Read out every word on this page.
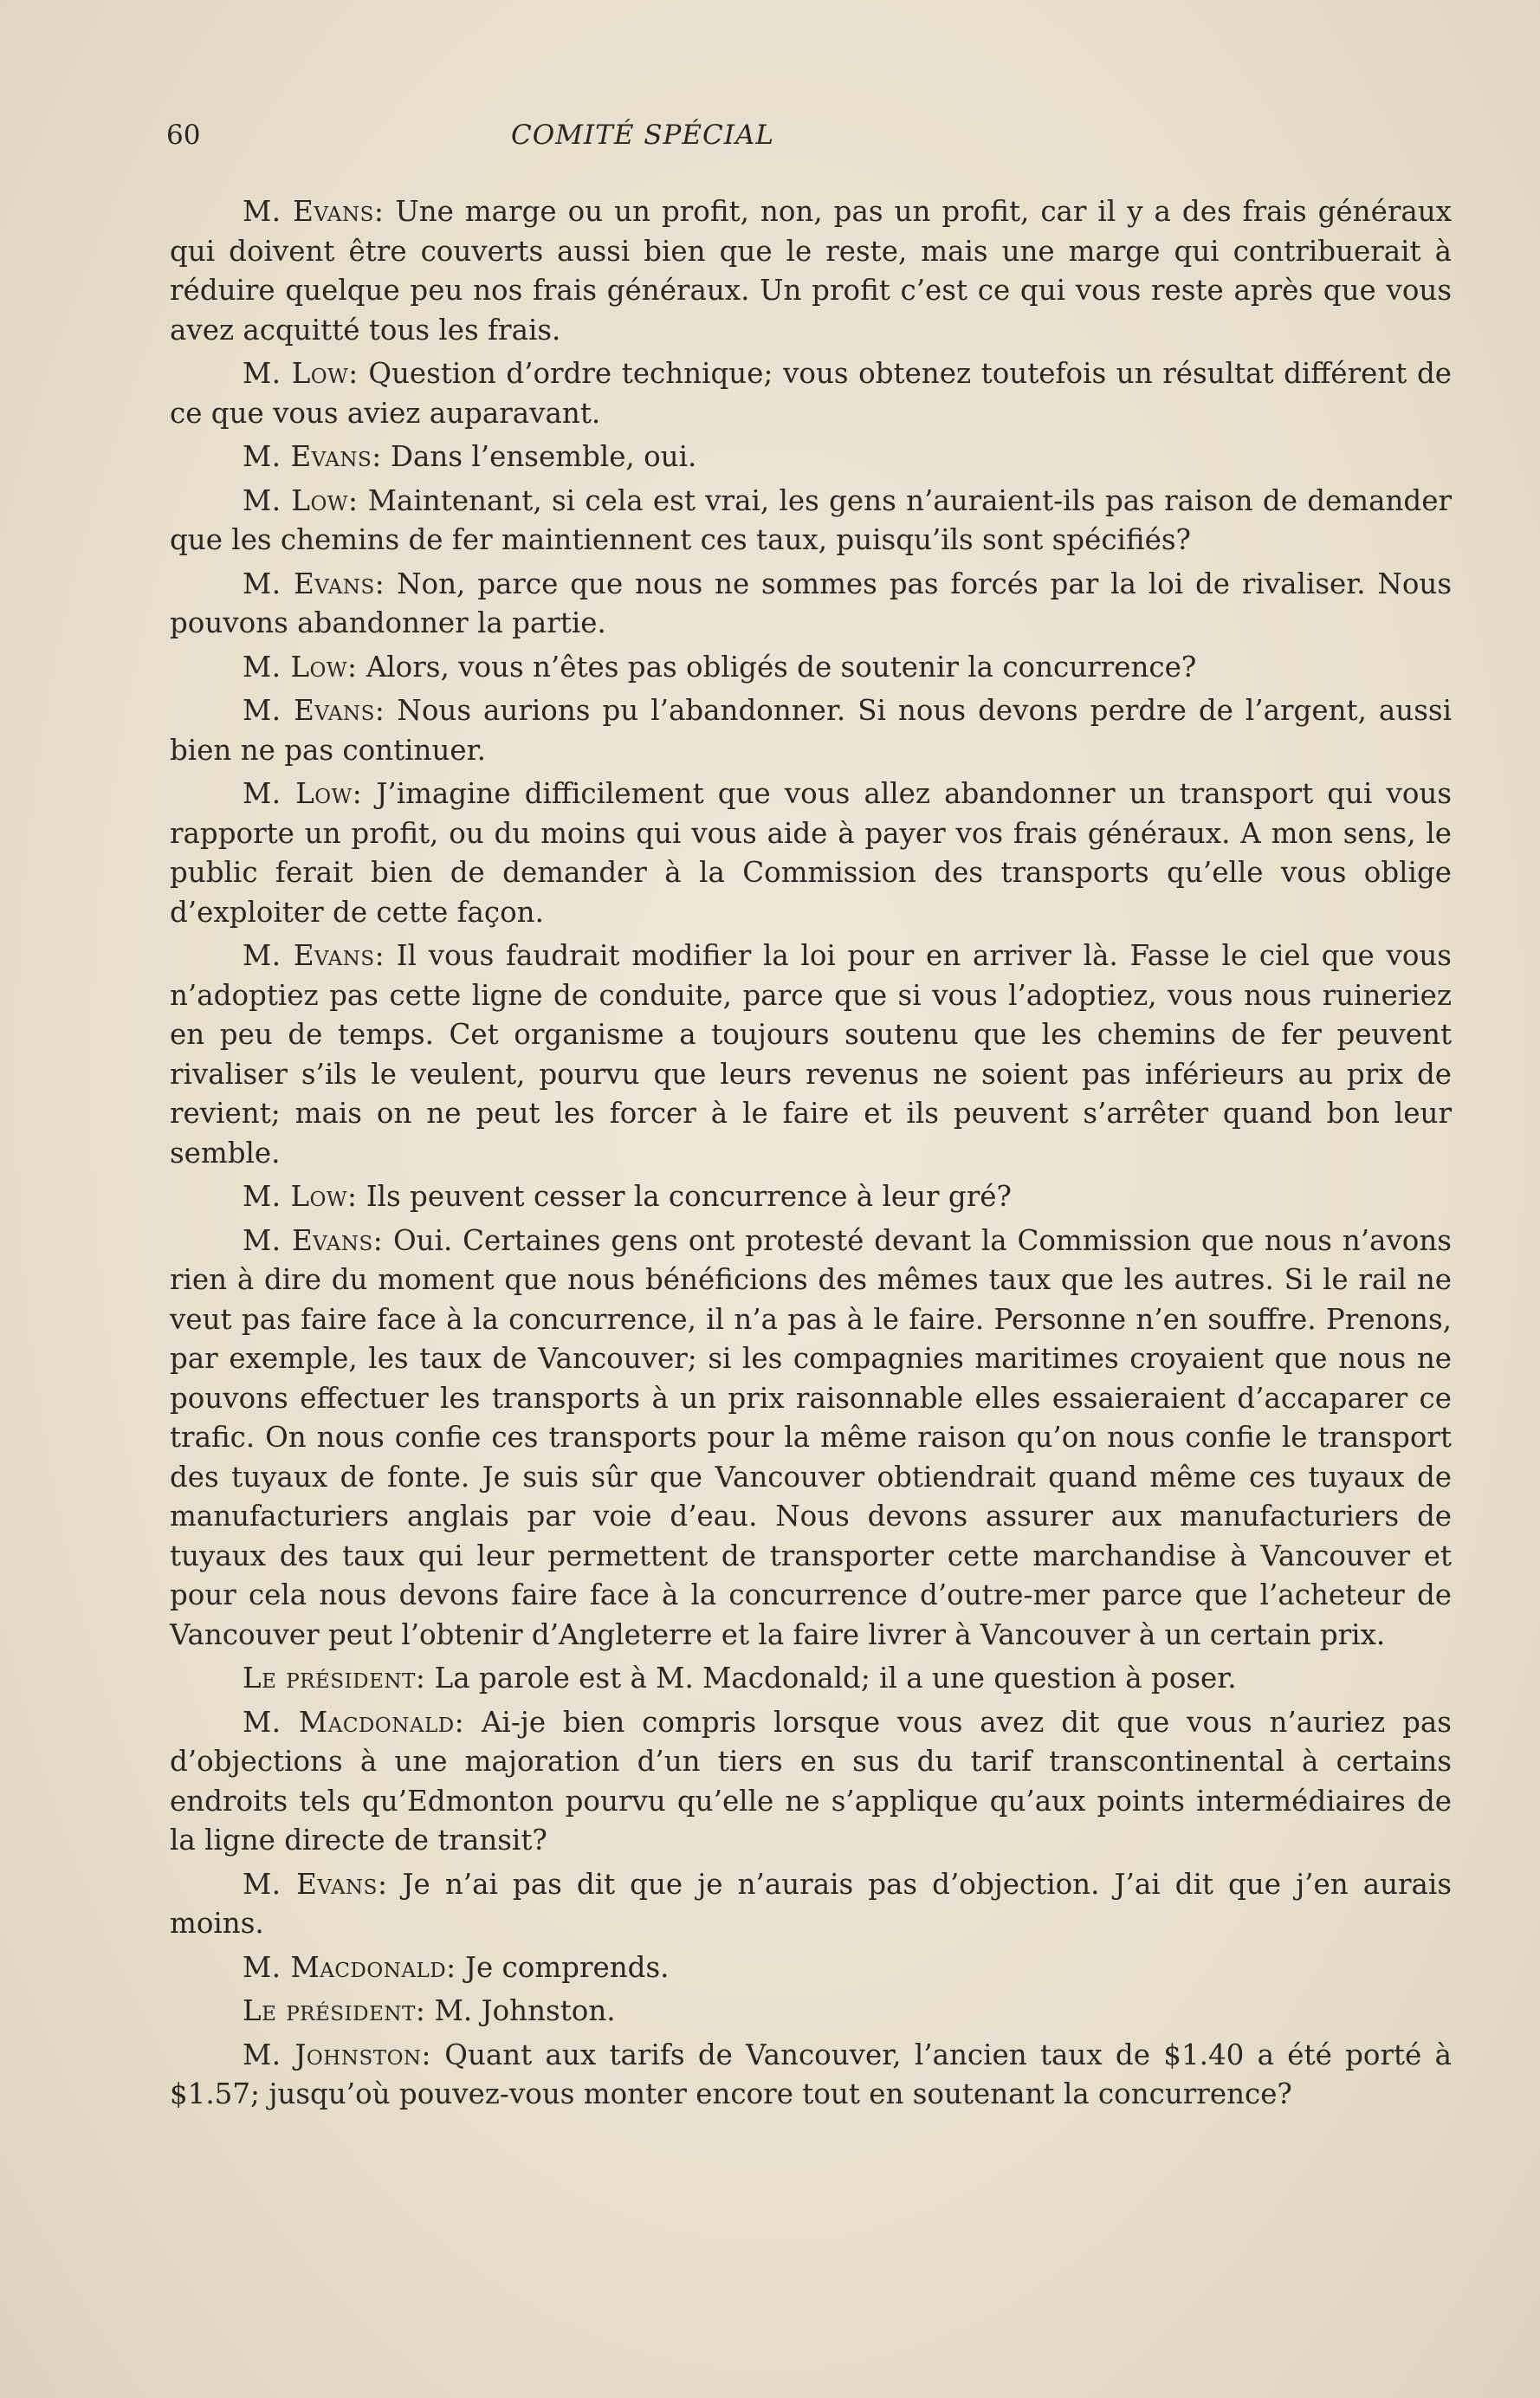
60	COMITÉ SPÉCIAL

M. Evans: Une marge ou un profit, non, pas un profit, car il y a des frais généraux qui doivent être couverts aussi bien que le reste, mais une marge qui contribuerait à réduire quelque peu nos frais généraux. Un profit c’est ce qui vous reste après que vous avez acquitté tous les frais.

M. Low: Question d’ordre technique; vous obtenez toutefois un résultat différent de ce que vous aviez auparavant.

M. Evans: Dans l’ensemble, oui.

M. Low: Maintenant, si cela est vrai, les gens n’auraient-ils pas raison de demander que les chemins de fer maintiennent ces taux, puisqu’ils sont spécifiés?

M. Evans: Non, parce que nous ne sommes pas forcés par la loi de rivaliser. Nous pouvons abandonner la partie.

M. Low: Alors, vous n’êtes pas obligés de soutenir la concurrence?

M. Evans: Nous aurions pu l’abandonner. Si nous devons perdre de l’argent, aussi bien ne pas continuer.

M. Low: J’imagine difficilement que vous allez abandonner un transport qui vous rapporte un profit, ou du moins qui vous aide à payer vos frais généraux. A mon sens, le public ferait bien de demander à la Commission des transports qu’elle vous oblige d’exploiter de cette façon.

M. Evans: Il vous faudrait modifier la loi pour en arriver là. Fasse le ciel que vous n’adoptiez pas cette ligne de conduite, parce que si vous l’adoptiez, vous nous ruineriez en peu de temps. Cet organisme a toujours soutenu que les chemins de fer peuvent rivaliser s’ils le veulent, pourvu que leurs revenus ne soient pas inférieurs au prix de revient; mais on ne peut les forcer à le faire et ils peuvent s’arrêter quand bon leur semble.

M. Low: Ils peuvent cesser la concurrence à leur gré?

M. Evans: Oui. Certaines gens ont protesté devant la Commission que nous n’avons rien à dire du moment que nous bénéficions des mêmes taux que les autres. Si le rail ne veut pas faire face à la concurrence, il n’a pas à le faire. Personne n’en souffre. Prenons, par exemple, les taux de Vancouver; si les compagnies maritimes croyaient que nous ne pouvons effectuer les transports à un prix raisonnable elles essaieraient d’accaparer ce trafic. On nous confie ces transports pour la même raison qu’on nous confie le transport des tuyaux de fonte. Je suis sûr que Vancouver obtiendrait quand même ces tuyaux de manufacturiers anglais par voie d’eau. Nous devons assurer aux manufacturiers de tuyaux des taux qui leur permettent de transporter cette marchandise à Vancouver et pour cela nous devons faire face à la concurrence d’outre-mer parce que l’acheteur de Vancouver peut l’obtenir d’Angleterre et la faire livrer à Vancouver à un certain prix.

Le président: La parole est à M. Macdonald; il a une question à poser.

M. Macdonald: Ai-je bien compris lorsque vous avez dit que vous n’auriez pas d’objections à une majoration d’un tiers en sus du tarif transcontinental à certains endroits tels qu’Edmonton pourvu qu’elle ne s’applique qu’aux points intermédiaires de la ligne directe de transit?

M. Evans: Je n’ai pas dit que je n’aurais pas d’objection. J’ai dit que j’en aurais moins.

M. Macdonald: Je comprends.

Le président: M. Johnston.

M. Johnston: Quant aux tarifs de Vancouver, l’ancien taux de $1.40 a été porté à $1.57; jusqu’où pouvez-vous monter encore tout en soutenant la concurrence?
